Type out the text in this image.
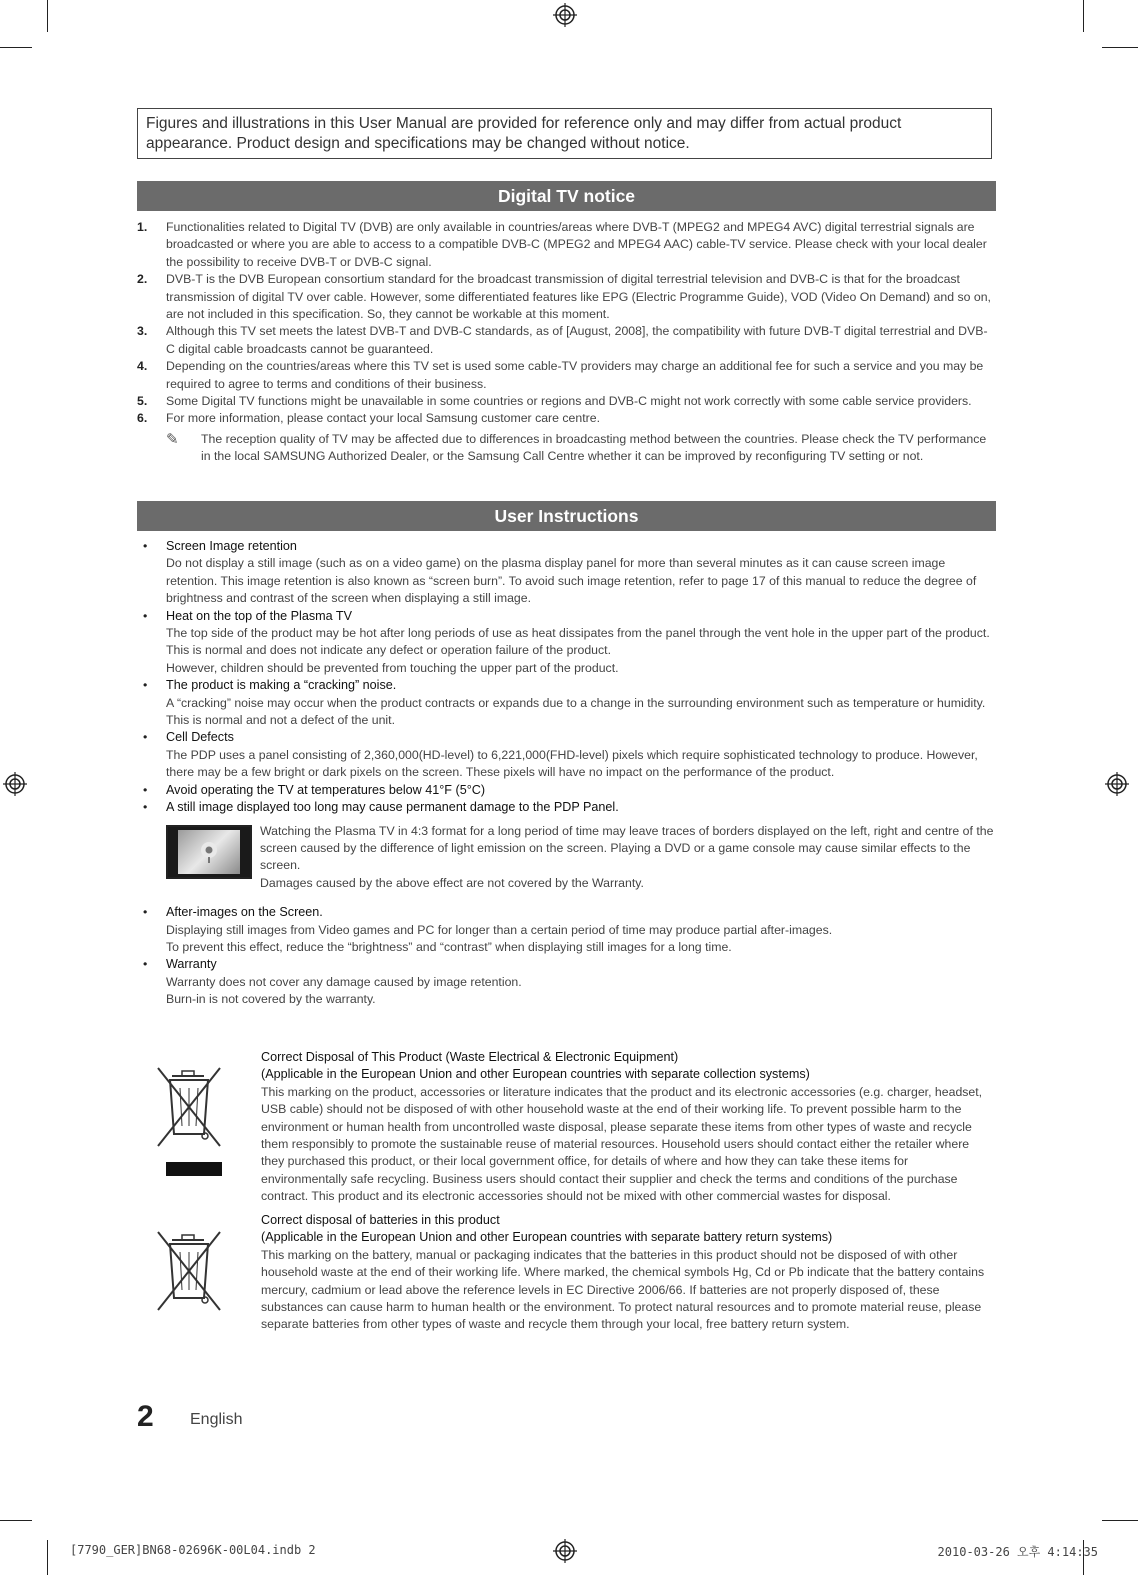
Figures and illustrations in this User Manual are provided for reference only and may differ from actual product appearance. Product design and specifications may be changed without notice.
Digital TV notice
1. Functionalities related to Digital TV (DVB) are only available in countries/areas where DVB-T (MPEG2 and MPEG4 AVC) digital terrestrial signals are broadcasted or where you are able to access to a compatible DVB-C (MPEG2 and MPEG4 AAC) cable-TV service. Please check with your local dealer the possibility to receive DVB-T or DVB-C signal.
2. DVB-T is the DVB European consortium standard for the broadcast transmission of digital terrestrial television and DVB-C is that for the broadcast transmission of digital TV over cable. However, some differentiated features like EPG (Electric Programme Guide), VOD (Video On Demand) and so on, are not included in this specification. So, they cannot be workable at this moment.
3. Although this TV set meets the latest DVB-T and DVB-C standards, as of [August, 2008], the compatibility with future DVB-T digital terrestrial and DVB-C digital cable broadcasts cannot be guaranteed.
4. Depending on the countries/areas where this TV set is used some cable-TV providers may charge an additional fee for such a service and you may be required to agree to terms and conditions of their business.
5. Some Digital TV functions might be unavailable in some countries or regions and DVB-C might not work correctly with some cable service providers.
6. For more information, please contact your local Samsung customer care centre.
✎ The reception quality of TV may be affected due to differences in broadcasting method between the countries. Please check the TV performance in the local SAMSUNG Authorized Dealer, or the Samsung Call Centre whether it can be improved by reconfiguring TV setting or not.
User Instructions
• Screen Image retention
Do not display a still image (such as on a video game) on the plasma display panel for more than several minutes as it can cause screen image retention. This image retention is also known as “screen burn”. To avoid such image retention, refer to page 17 of this manual to reduce the degree of brightness and contrast of the screen when displaying a still image.
• Heat on the top of the Plasma TV
The top side of the product may be hot after long periods of use as heat dissipates from the panel through the vent hole in the upper part of the product.
This is normal and does not indicate any defect or operation failure of the product.
However, children should be prevented from touching the upper part of the product.
• The product is making a “cracking” noise.
A “cracking” noise may occur when the product contracts or expands due to a change in the surrounding environment such as temperature or humidity. This is normal and not a defect of the unit.
• Cell Defects
The PDP uses a panel consisting of 2,360,000(HD-level) to 6,221,000(FHD-level) pixels which require sophisticated technology to produce. However, there may be a few bright or dark pixels on the screen. These pixels will have no impact on the performance of the product.
• Avoid operating the TV at temperatures below 41°F (5°C)
• A still image displayed too long may cause permanent damage to the PDP Panel.
Watching the Plasma TV in 4:3 format for a long period of time may leave traces of borders displayed on the left, right and centre of the screen caused by the difference of light emission on the screen. Playing a DVD or a game console may cause similar effects to the screen.
Damages caused by the above effect are not covered by the Warranty.
• After-images on the Screen.
Displaying still images from Video games and PC for longer than a certain period of time may produce partial after-images.
To prevent this effect, reduce the “brightness” and “contrast” when displaying still images for a long time.
• Warranty
Warranty does not cover any damage caused by image retention.
Burn-in is not covered by the warranty.
Correct Disposal of This Product (Waste Electrical & Electronic Equipment)
(Applicable in the European Union and other European countries with separate collection systems)
This marking on the product, accessories or literature indicates that the product and its electronic accessories (e.g. charger, headset, USB cable) should not be disposed of with other household waste at the end of their working life. To prevent possible harm to the environment or human health from uncontrolled waste disposal, please separate these items from other types of waste and recycle them responsibly to promote the sustainable reuse of material resources. Household users should contact either the retailer where they purchased this product, or their local government office, for details of where and how they can take these items for environmentally safe recycling. Business users should contact their supplier and check the terms and conditions of the purchase contract. This product and its electronic accessories should not be mixed with other commercial wastes for disposal.
Correct disposal of batteries in this product
(Applicable in the European Union and other European countries with separate battery return systems)
This marking on the battery, manual or packaging indicates that the batteries in this product should not be disposed of with other household waste at the end of their working life. Where marked, the chemical symbols Hg, Cd or Pb indicate that the battery contains mercury, cadmium or lead above the reference levels in EC Directive 2006/66. If batteries are not properly disposed of, these substances can cause harm to human health or the environment. To protect natural resources and to promote material reuse, please separate batteries from other types of waste and recycle them through your local, free battery return system.
2 English
[7790_GER]BN68-02696K-00L04.indb 2	2010-03-26 오후 4:14:35
